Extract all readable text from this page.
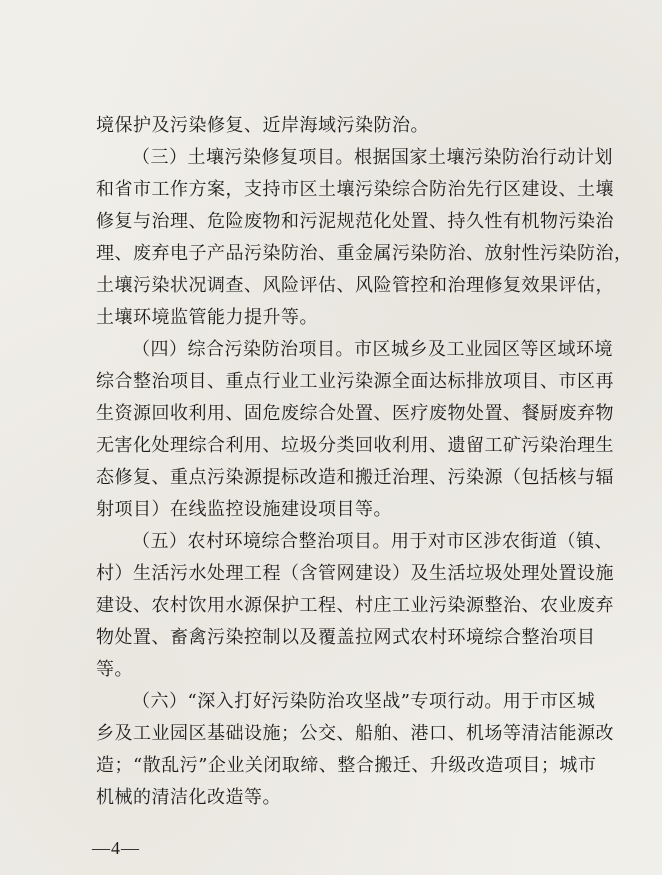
境保护及污染修复、近岸海域污染防治。
（三）土壤污染修复项目。根据国家土壤污染防治行动计划
和省市工作方案，支持市区土壤污染综合防治先行区建设、土壤
修复与治理、危险废物和污泥规范化处置、持久性有机物污染治
理、废弃电子产品污染防治、重金属污染防治、放射性污染防治，
土壤污染状况调查、风险评估、风险管控和治理修复效果评估，
土壤环境监管能力提升等。
（四）综合污染防治项目。市区城乡及工业园区等区域环境
综合整治项目、重点行业工业污染源全面达标排放项目、市区再
生资源回收利用、固危废综合处置、医疗废物处置、餐厨废弃物
无害化处理综合利用、垃圾分类回收利用、遗留工矿污染治理生
态修复、重点污染源提标改造和搬迁治理、污染源（包括核与辐
射项目）在线监控设施建设项目等。
（五）农村环境综合整治项目。用于对市区涉农街道（镇、
村）生活污水处理工程（含管网建设）及生活垃圾处理处置设施
建设、农村饮用水源保护工程、村庄工业污染源整治、农业废弃
物处置、畜禽污染控制以及覆盖拉网式农村环境综合整治项目
等。
（六）“深入打好污染防治攻坚战”专项行动。用于市区城
乡及工业园区基础设施；公交、船舶、港口、机场等清洁能源改
造；“散乱污”企业关闭取缔、整合搬迁、升级改造项目；城市
机械的清洁化改造等。
—4—
